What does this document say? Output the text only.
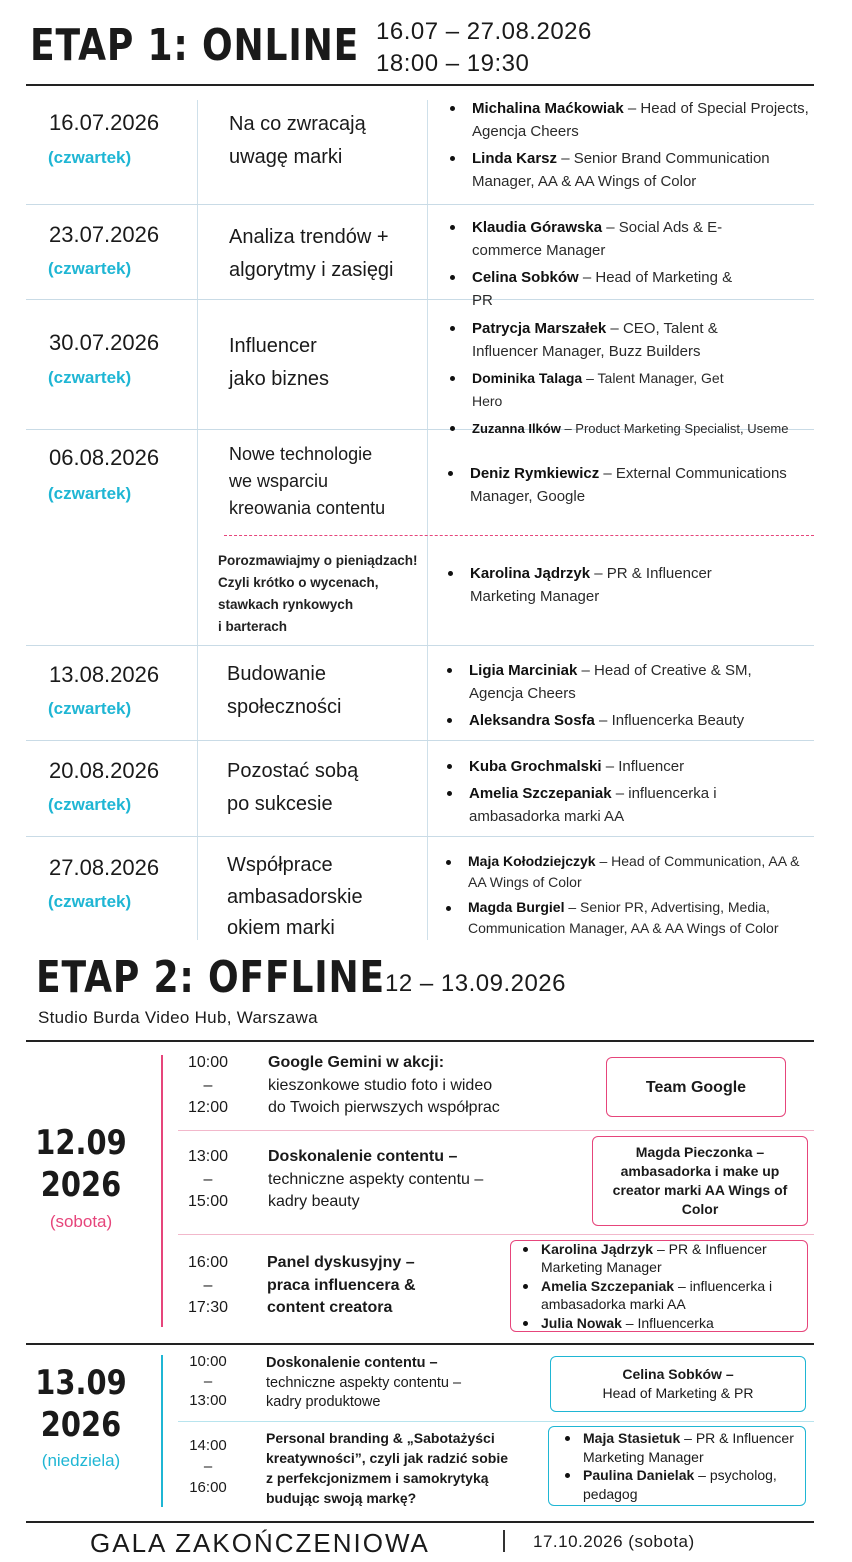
ETAP 1: ONLINE 16.07 – 27.08.2026
18:00 – 19:30
16.07.2026
(czwartek)
Na co zwracają
uwagę marki
Michalina Maćkowiak – Head of Special Projects, Agencja Cheers
Linda Karsz – Senior Brand Communication Manager, AA & AA Wings of Color
23.07.2026
(czwartek)
Analiza trendów +
algorytmy i zasięgi
Klaudia Górawska – Social Ads & E-commerce Manager
Celina Sobków – Head of Marketing & PR
30.07.2026
(czwartek)
Influencer
jako biznes
Patrycja Marszałek – CEO, Talent & Influencer Manager, Buzz Builders
Dominika Talaga – Talent Manager, Get Hero
Zuzanna Ilków – Product Marketing Specialist, Useme
06.08.2026
(czwartek)
Nowe technologie
we wsparciu
kreowania contentu
Deniz Rymkiewicz – External Communications Manager, Google
Porozmawiajmy o pieniądzach!
Czyli krótko o wycenach,
stawkach rynkowych
i barterach
Karolina Jądrzyk – PR & Influencer Marketing Manager
13.08.2026
(czwartek)
Budowanie
społeczności
Ligia Marciniak – Head of Creative & SM, Agencja Cheers
Aleksandra Sosfa – Influencerka Beauty
20.08.2026
(czwartek)
Pozostać sobą
po sukcesie
Kuba Grochmalski – Influencer
Amelia Szczepaniak – influencerka i ambasadorka marki AA
27.08.2026
(czwartek)
Współprace
ambasadorskie
okiem marki
Maja Kołodziejczyk – Head of Communication, AA & AA Wings of Color
Magda Burgiel – Senior PR, Advertising, Media, Communication Manager, AA & AA Wings of Color
ETAP 2: OFFLINE 12 – 13.09.2026
Studio Burda Video Hub, Warszawa
12.09
2026
(sobota)
10:00
–
12:00
Google Gemini w akcji:
kieszonkowe studio foto i wideo
do Twoich pierwszych współprac
Team Google
13:00
–
15:00
Doskonalenie contentu –
techniczne aspekty contentu –
kadry beauty
Magda Pieczonka – ambasadorka i make up creator marki AA Wings of Color
16:00
–
17:30
Panel dyskusyjny –
praca influencera &
content creatora
Karolina Jądrzyk – PR & Influencer Marketing Manager
Amelia Szczepaniak – influencerka i ambasadorka marki AA
Julia Nowak – Influencerka
13.09
2026
(niedziela)
10:00
–
13:00
Doskonalenie contentu –
techniczne aspekty contentu –
kadry produktowe
Celina Sobków –
Head of Marketing & PR
14:00
–
16:00
Personal branding & „Sabotażyści
kreatywności”, czyli jak radzić sobie
z perfekcjonizmem i samokrytyką
budując swoją markę?
Maja Stasietuk – PR & Influencer Marketing Manager
Paulina Danielak – psycholog, pedagog
GALA ZAKOŃCZENIOWA	17.10.2026 (sobota)
